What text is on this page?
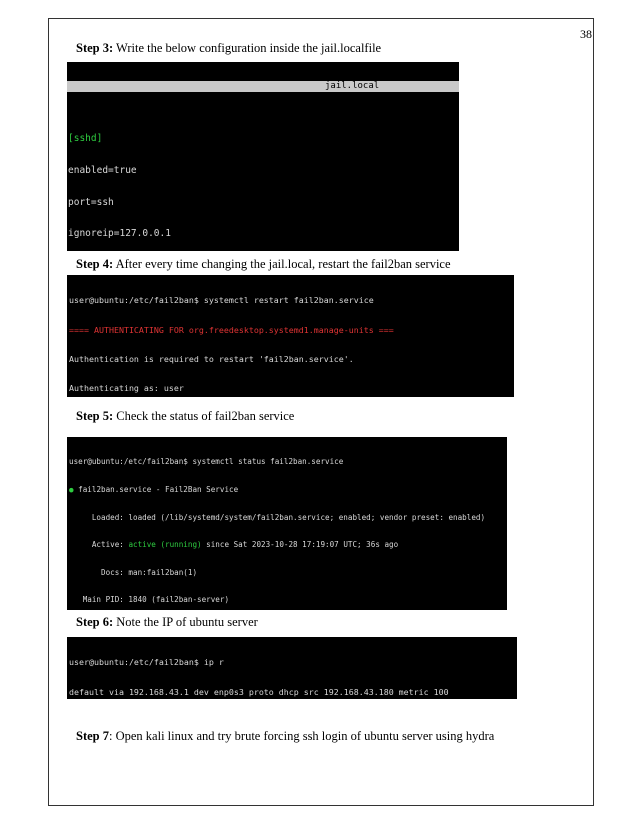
38
Step 3: Write the below configuration inside the jail.localfile

GNU nano 6.2

jail.local

[sshd]

enabled=true

port=ssh

ignoreip=127.0.0.1

Step 4: After every time changing the jail.local, restart the fail2ban service

user@ubuntu:/etc/fail2ban$ systemctl restart fail2ban.service

==== AUTHENTICATING FOR org.freedesktop.systemd1.manage-units ===

Authentication is required to restart 'fail2ban.service'.

Authenticating as: user

Step 5: Check the status of fail2ban service

user@ubuntu:/etc/fail2ban$ systemctl status fail2ban.service

● fail2ban.service - Fail2Ban Service

Loaded: loaded (/lib/systemd/system/fail2ban.service; enabled; vendor preset: enabled)

Active: active (running) since Sat 2023-10-28 17:19:07 UTC; 36s ago

Docs: man:fail2ban(1)

Main PID: 1840 (fail2ban-server)

Step 6: Note the IP of ubuntu server

user@ubuntu:/etc/fail2ban$ ip r

default via 192.168.43.1 dev enp0s3 proto dhcp src 192.168.43.180 metric 100

Step 7: Open kali linux and try brute forcing ssh login of ubuntu server using hydra
